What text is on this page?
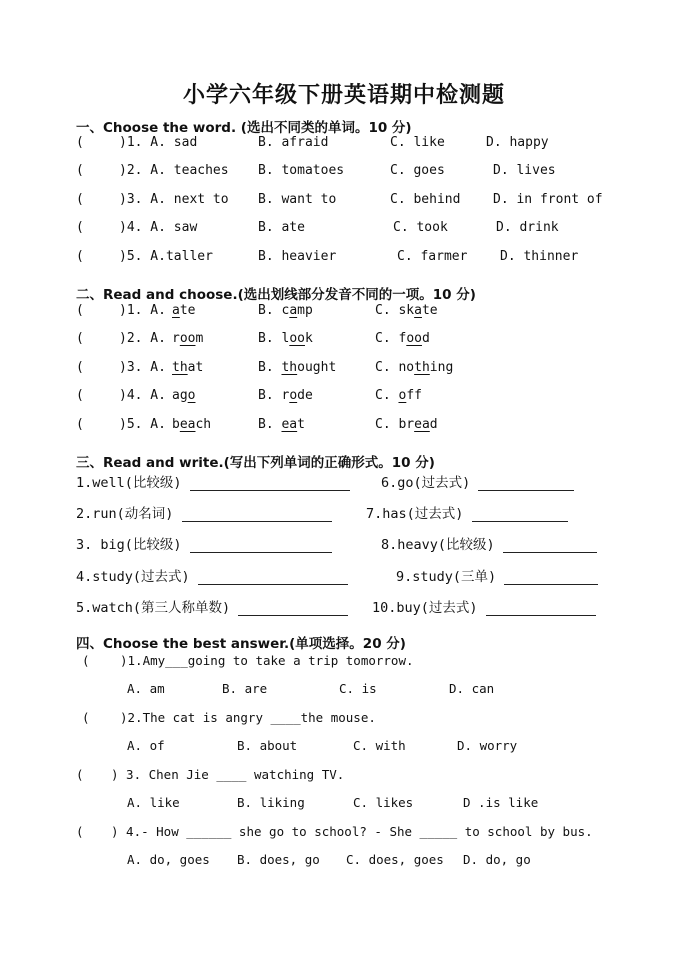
小学六年级下册英语期中检测题
一、Choose the word. (选出不同类的单词。10 分)
(	)1. A. sad	B. afraid	C. like	D. happy
(	)2. A. teaches B. tomatoes	C. goes	D. lives
(	)3. A. next to B. want to	C. behind	D. in front of
(	)4. A. saw	B. ate	C. took	D. drink
(	)5. A.taller	B. heavier	C. farmer	D. thinner
二、Read and choose.(选出划线部分发音不同的一项。10 分)
(	)1. A. ate	B. camp	C. skate
(	)2. A. room	B. look	C. food
(	)3. A. that	B. thought	C. nothing
(	)4. A. ago	B. rode	C. off
(	)5. A. beach	B. eat	C. bread
三、Read and write.(写出下列单词的正确形式。10 分)
1.well(比较级)	6.go(过去式)
2.run(动名词)	7.has(过去式)
3. big(比较级)	8.heavy(比较级)
4.study(过去式)	9.study(三单)
5.watch(第三人称单数)	10.buy(过去式)
四、Choose the best answer.(单项选择。20 分)
( )1.Amy___going to take a trip tomorrow.
A. am	B. are	C. is	D. can
( )2.The cat is angry ____the mouse.
A. of	B. about	C. with	D. worry
( ) 3. Chen Jie ____ watching TV.
A. like	B. liking	C. likes	D .is like
( ) 4.- How ______ she go to school? - She _____ to school by bus.
A. do, goes B. does, go C. does, goes D. do, go
